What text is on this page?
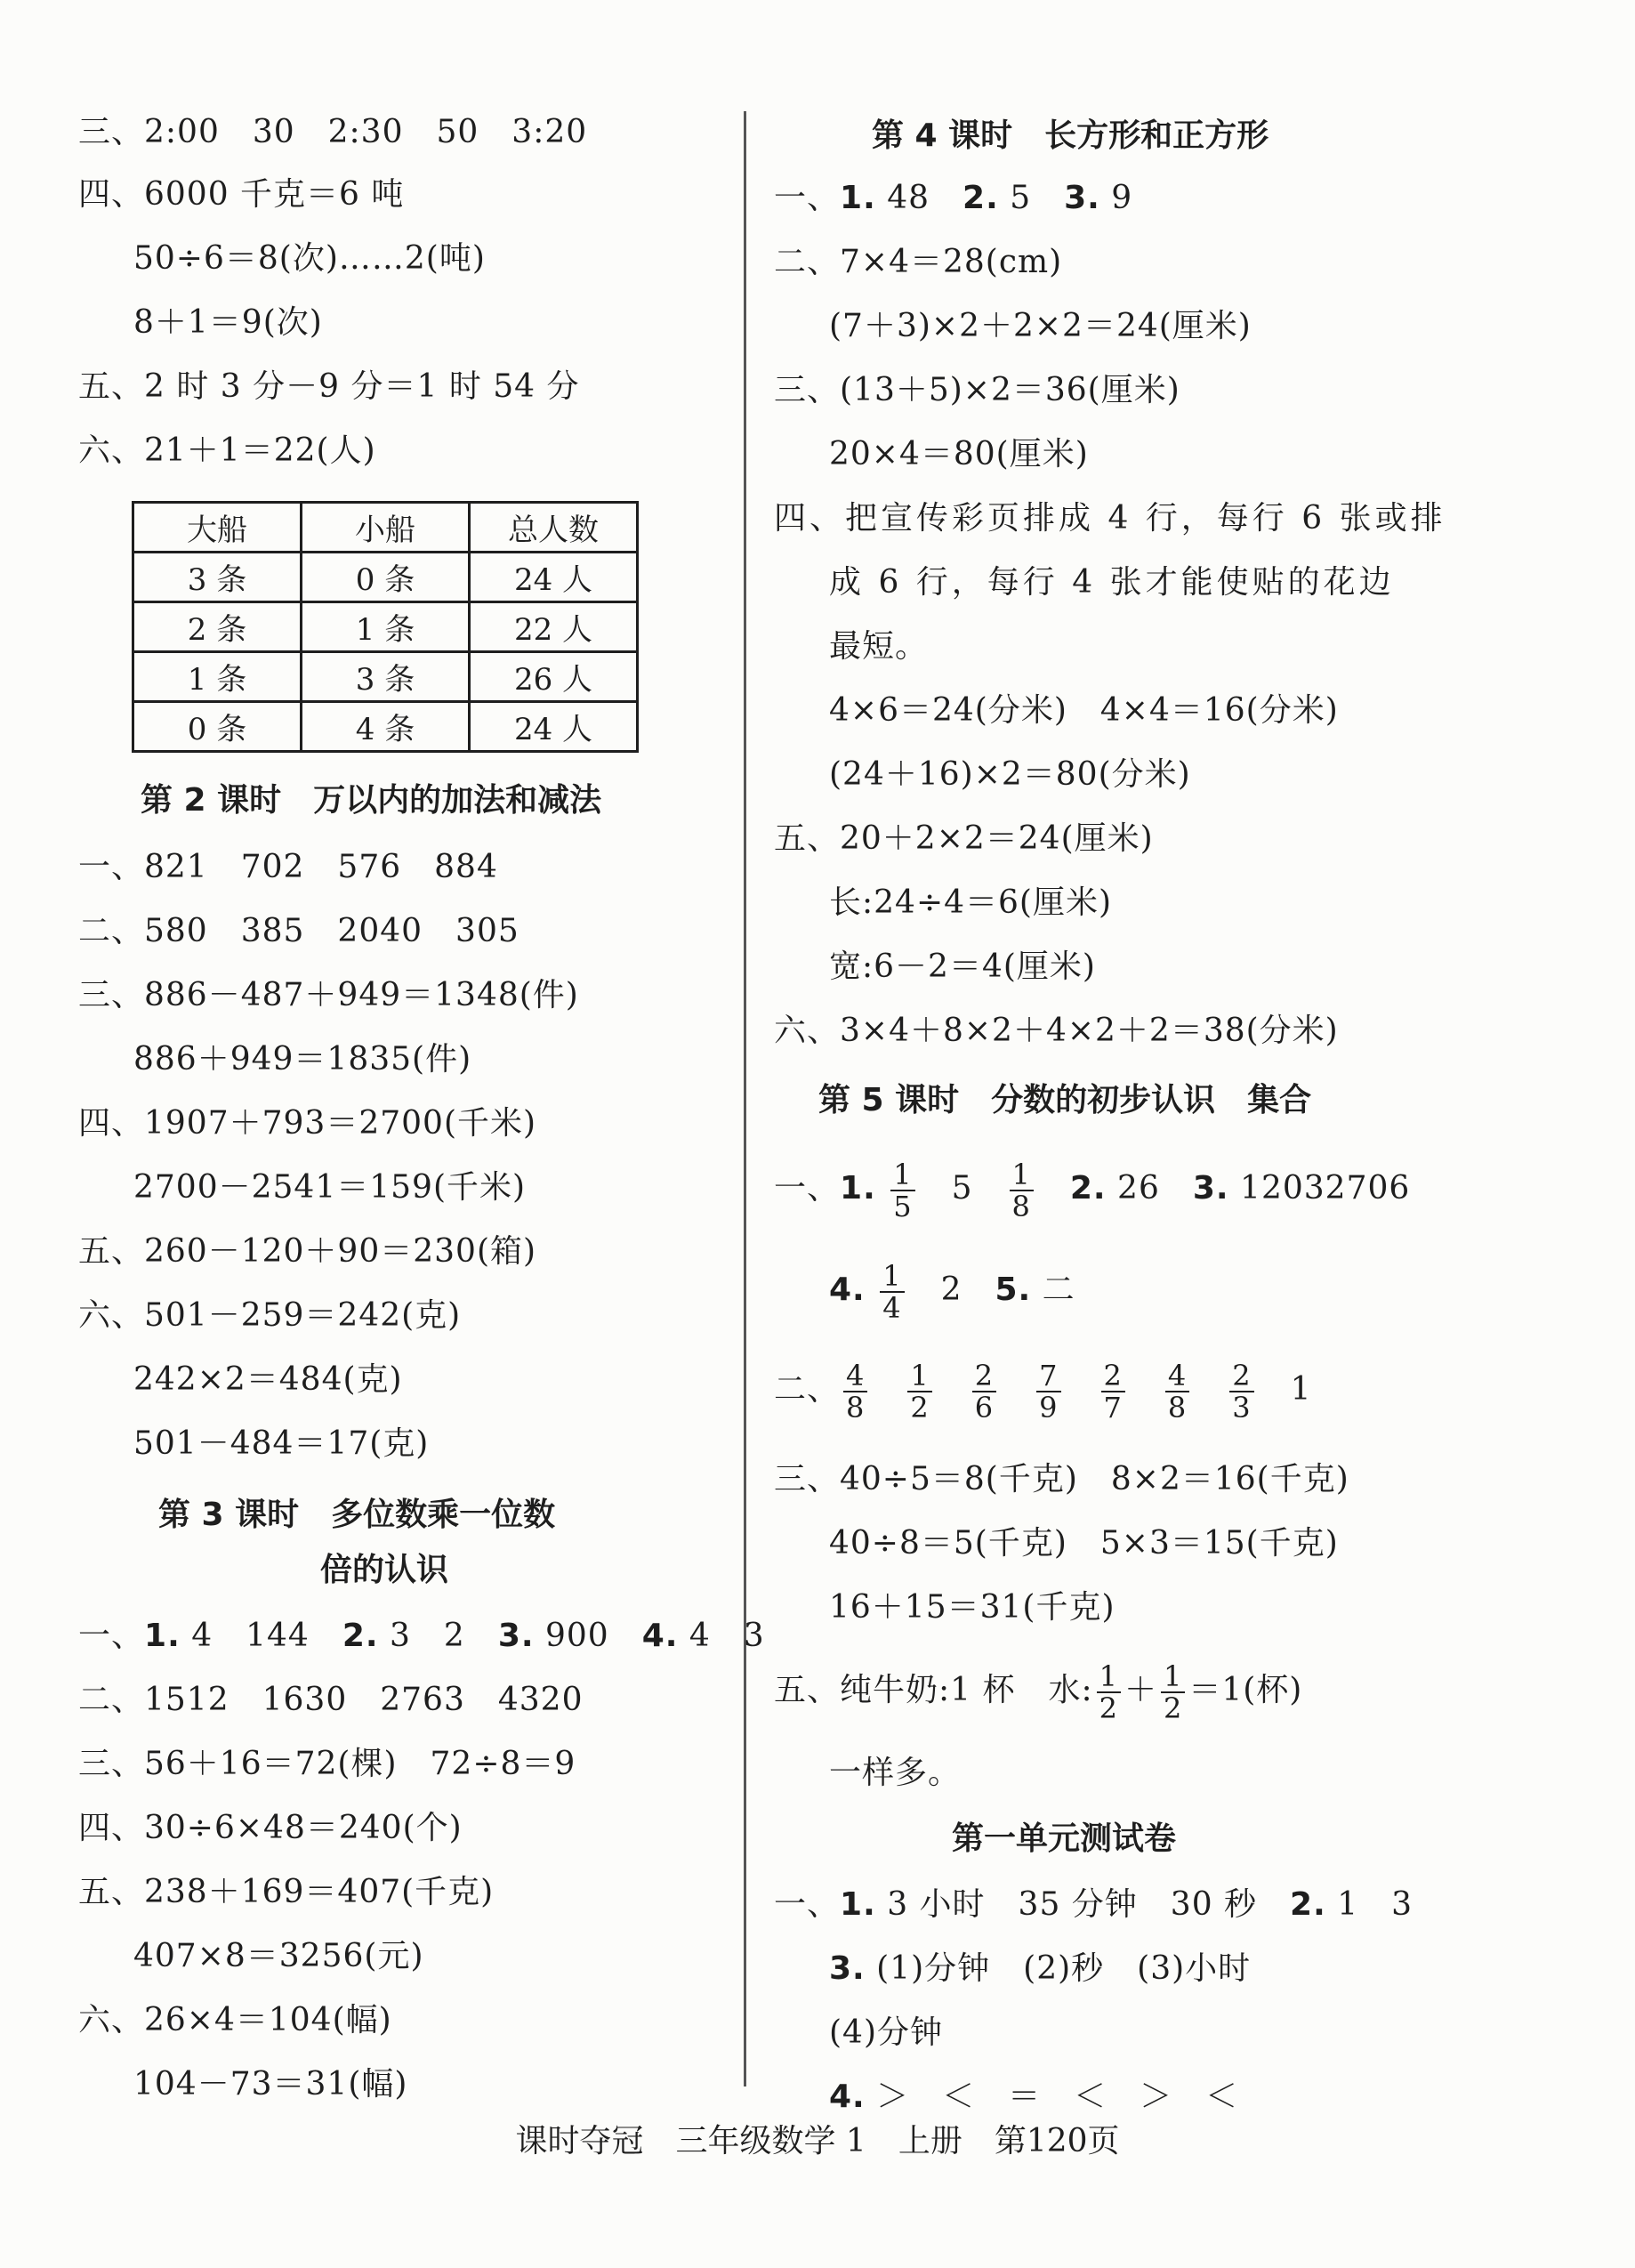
三、2:00　30　2:30　50　3:20
四、6000 千克＝6 吨
50÷6＝8(次)……2(吨)
8＋1＝9(次)
五、2 时 3 分－9 分＝1 时 54 分
六、21＋1＝22(人)
大船	小船	总人数
3 条	0 条	24 人
2 条	1 条	22 人
1 条	3 条	26 人
0 条	4 条	24 人
第 2 课时　万以内的加法和减法
一、821　702　576　884
二、580　385　2040　305
三、886－487＋949＝1348(件)
886＋949＝1835(件)
四、1907＋793＝2700(千米)
2700－2541＝159(千米)
五、260－120＋90＝230(箱)
六、501－259＝242(克)
242×2＝484(克)
501－484＝17(克)
第 3 课时　多位数乘一位数
倍的认识
一、1. 4　144　2. 3　2　3. 900　4. 4　3
二、1512　1630　2763　4320
三、56＋16＝72(棵)　72÷8＝9
四、30÷6×48＝240(个)
五、238＋169＝407(千克)
407×8＝3256(元)
六、26×4＝104(幅)
104－73＝31(幅)
第 4 课时　长方形和正方形
一、1. 48　2. 5　3. 9
二、7×4＝28(cm)
(7＋3)×2＋2×2＝24(厘米)
三、(13＋5)×2＝36(厘米)
20×4＝80(厘米)
四、把宣传彩页排成 4 行，每行 6 张或排
成 6 行，每行 4 张才能使贴的花边
最短。
4×6＝24(分米)　4×4＝16(分米)
(24＋16)×2＝80(分米)
五、20＋2×2＝24(厘米)
长:24÷4＝6(厘米)
宽:6－2＝4(厘米)
六、3×4＋8×2＋4×2＋2＝38(分米)
第 5 课时　分数的初步认识　集合
一、1. $\frac{1}{5}$
　 5　 $\frac{1}{8}$
　 2. 26　3. 12032706
4. $\frac{1}{4}$
　 2　 5. 二
二、 $\frac{4}{8}$
　 $\frac{1}{2}$
　 $\frac{2}{6}$
　 $\frac{7}{9}$
　 $\frac{2}{7}$
　 $\frac{4}{8}$
　 $\frac{2}{3}$
　 1
三、40÷5＝8(千克)　8×2＝16(千克)
40÷8＝5(千克)　5×3＝15(千克)
16＋15＝31(千克)
五、纯牛奶:1 杯　水: $\frac{1}{2} + \frac{1}{2} =1$(杯)
一样多。
第一单元测试卷
一、1. 3 小时　35 分钟　30 秒　2. 1　3
3. (1)分钟　(2)秒　(3)小时
(4)分钟
4. ＞　＜　＝　＜　＞　＜
课时夺冠　三年级数学 1　上册　第120页
